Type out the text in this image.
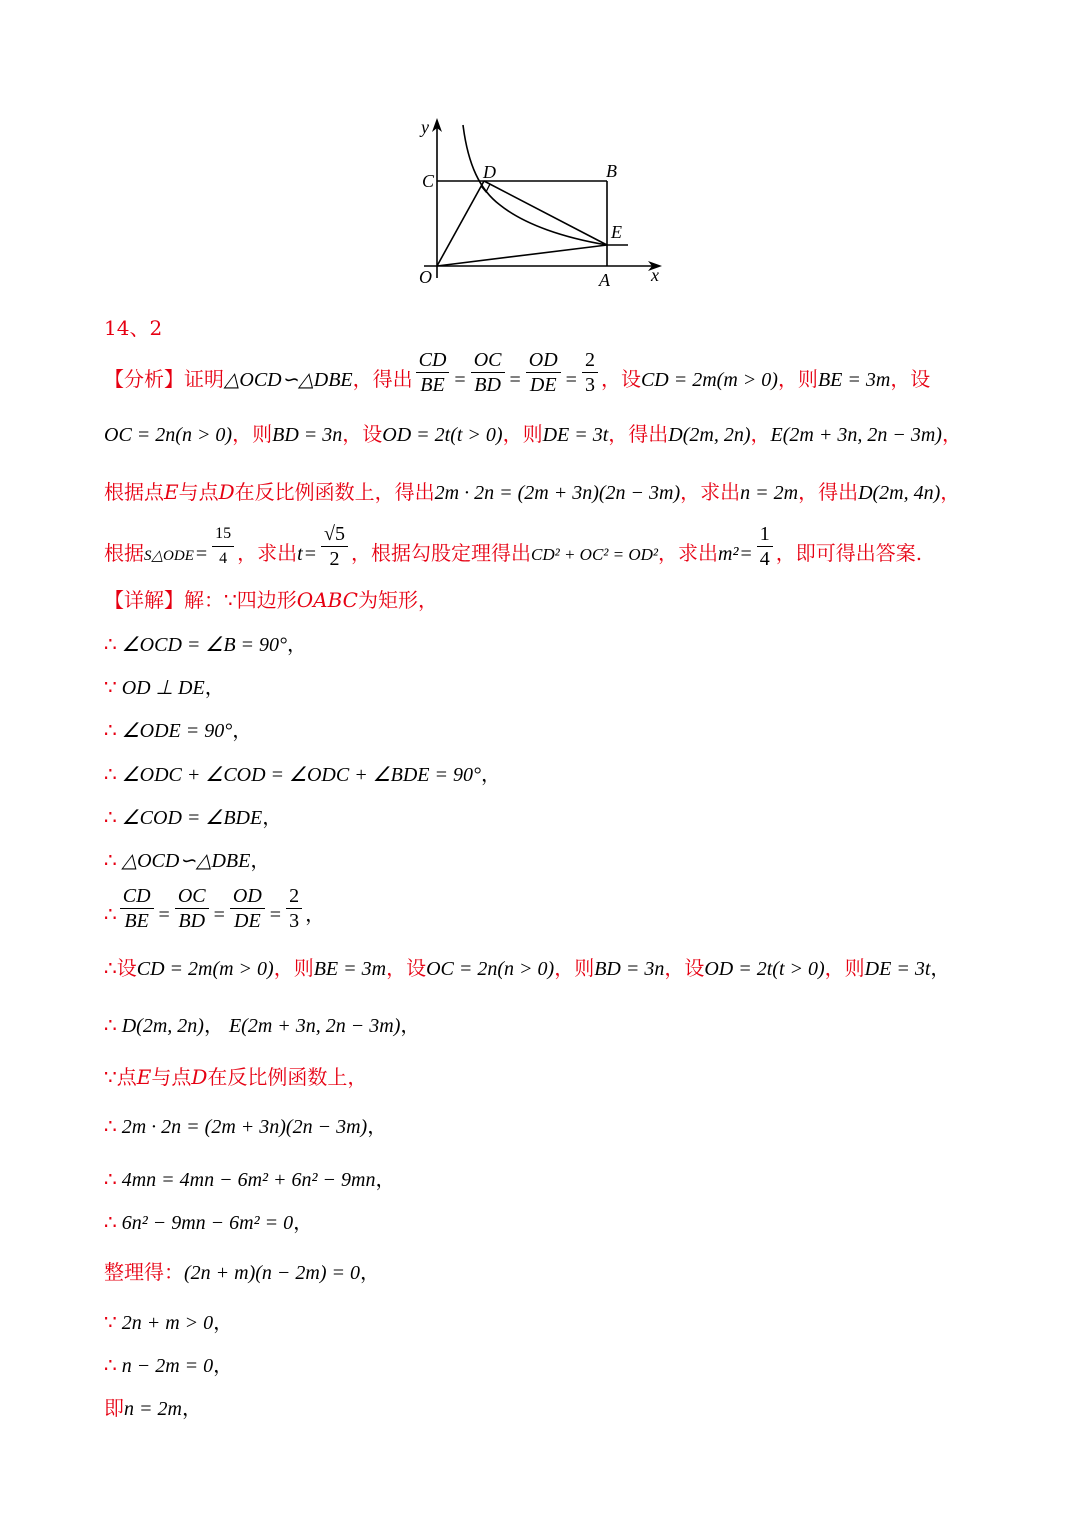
y
C	D	B
E
O	A x
14、2
【分析】证明△OCD∽△DBE，得出 $\frac{CD}{BE} = \frac{OC}{BD} = \frac{OD}{DE} = \frac{2}{3}$ ，设CD = 2m(m > 0)，则BE = 3m，设
OC = 2n(n > 0)，则BD = 3n，设OD = 2t(t > 0)，则DE = 3t，得出D(2m, 2n)，E(2m + 3n, 2n − 3m)，
根据点E与点D在反比例函数上，得出2m · 2n = (2m + 3n)(2n − 3m)，求出n = 2m，得出D(2m, 4n)，
根据S△ODE = $\frac{15}{4}$ ，求出$t = \frac{√5}{2}$ ，根据勾股定理得出CD² + OC² = OD²，求出$m^2 = \frac{1}{4}$ ，即可得出答案.
【详解】解：∵四边形OABC为矩形，
∴ ∠OCD = ∠B = 90°，
∵ OD ⊥ DE，
∴ ∠ODE = 90°，
∴ ∠ODC + ∠COD = ∠ODC + ∠BDE = 90°，
∴ ∠COD = ∠BDE，
∴ △OCD∽△DBE，
∴ $\frac{CD}{BE} = \frac{OC}{BD} = \frac{OD}{DE} = \frac{2}{3}$ ，
∴设CD = 2m(m > 0)，则BE = 3m，设OC = 2n(n > 0)，则BD = 3n，设OD = 2t(t > 0)，则DE = 3t，
∴ D(2m, 2n)， E(2m + 3n, 2n − 3m)，
∵点E与点D在反比例函数上，
∴ 2m · 2n = (2m + 3n)(2n − 3m)，
∴ 4mn = 4mn − 6m² + 6n² − 9mn，
∴ 6n² − 9mn − 6m² = 0，
整理得：(2n + m)(n − 2m) = 0，
∵ 2n + m > 0，
∴ n − 2m = 0，
即n = 2m，
